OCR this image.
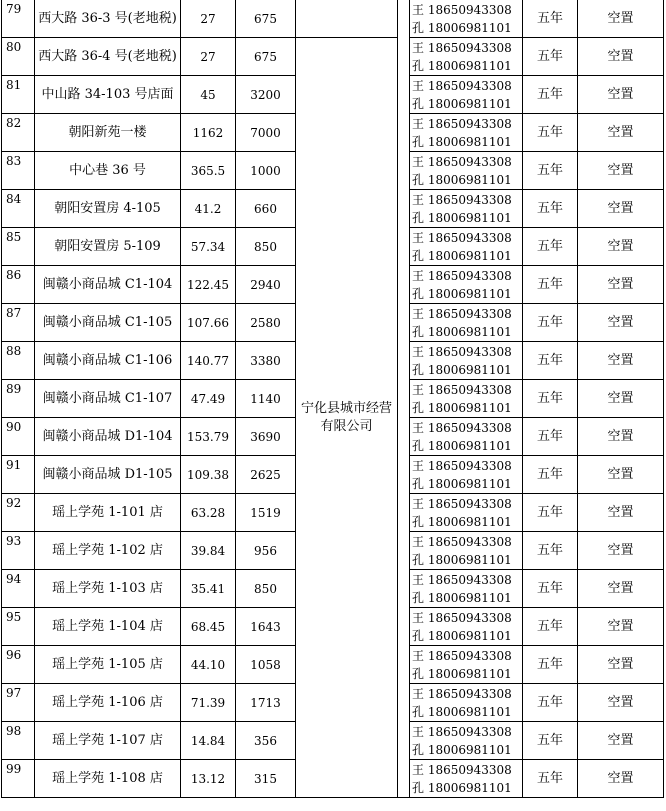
79	西大路 36-3 号(老地税)	27	675			王 18650943308
孔 18006981101	五年	空置
80	西大路 36-4 号(老地税)	27	675	宁化县城市经营有限公司		王 18650943308
孔 18006981101	五年	空置
81	中山路 34-103 号店面	45	3200			王 18650943308
孔 18006981101	五年	空置
82	朝阳新苑一楼	1162	7000			王 18650943308
孔 18006981101	五年	空置
83	中心巷 36 号	365.5	1000			王 18650943308
孔 18006981101	五年	空置
84	朝阳安置房 4-105	41.2	660			王 18650943308
孔 18006981101	五年	空置
85	朝阳安置房 5-109	57.34	850			王 18650943308
孔 18006981101	五年	空置
86	闽赣小商品城 C1-104	122.45	2940			王 18650943308
孔 18006981101	五年	空置
87	闽赣小商品城 C1-105	107.66	2580			王 18650943308
孔 18006981101	五年	空置
88	闽赣小商品城 C1-106	140.77	3380			王 18650943308
孔 18006981101	五年	空置
89	闽赣小商品城 C1-107	47.49	1140			王 18650943308
孔 18006981101	五年	空置
90	闽赣小商品城 D1-104	153.79	3690			王 18650943308
孔 18006981101	五年	空置
91	闽赣小商品城 D1-105	109.38	2625			王 18650943308
孔 18006981101	五年	空置
92	瑶上学苑 1-101 店	63.28	1519			王 18650943308
孔 18006981101	五年	空置
93	瑶上学苑 1-102 店	39.84	956			王 18650943308
孔 18006981101	五年	空置
94	瑶上学苑 1-103 店	35.41	850			王 18650943308
孔 18006981101	五年	空置
95	瑶上学苑 1-104 店	68.45	1643			王 18650943308
孔 18006981101	五年	空置
96	瑶上学苑 1-105 店	44.10	1058			王 18650943308
孔 18006981101	五年	空置
97	瑶上学苑 1-106 店	71.39	1713			王 18650943308
孔 18006981101	五年	空置
98	瑶上学苑 1-107 店	14.84	356			王 18650943308
孔 18006981101	五年	空置
99	瑶上学苑 1-108 店	13.12	315			王 18650943308
孔 18006981101	五年	空置
